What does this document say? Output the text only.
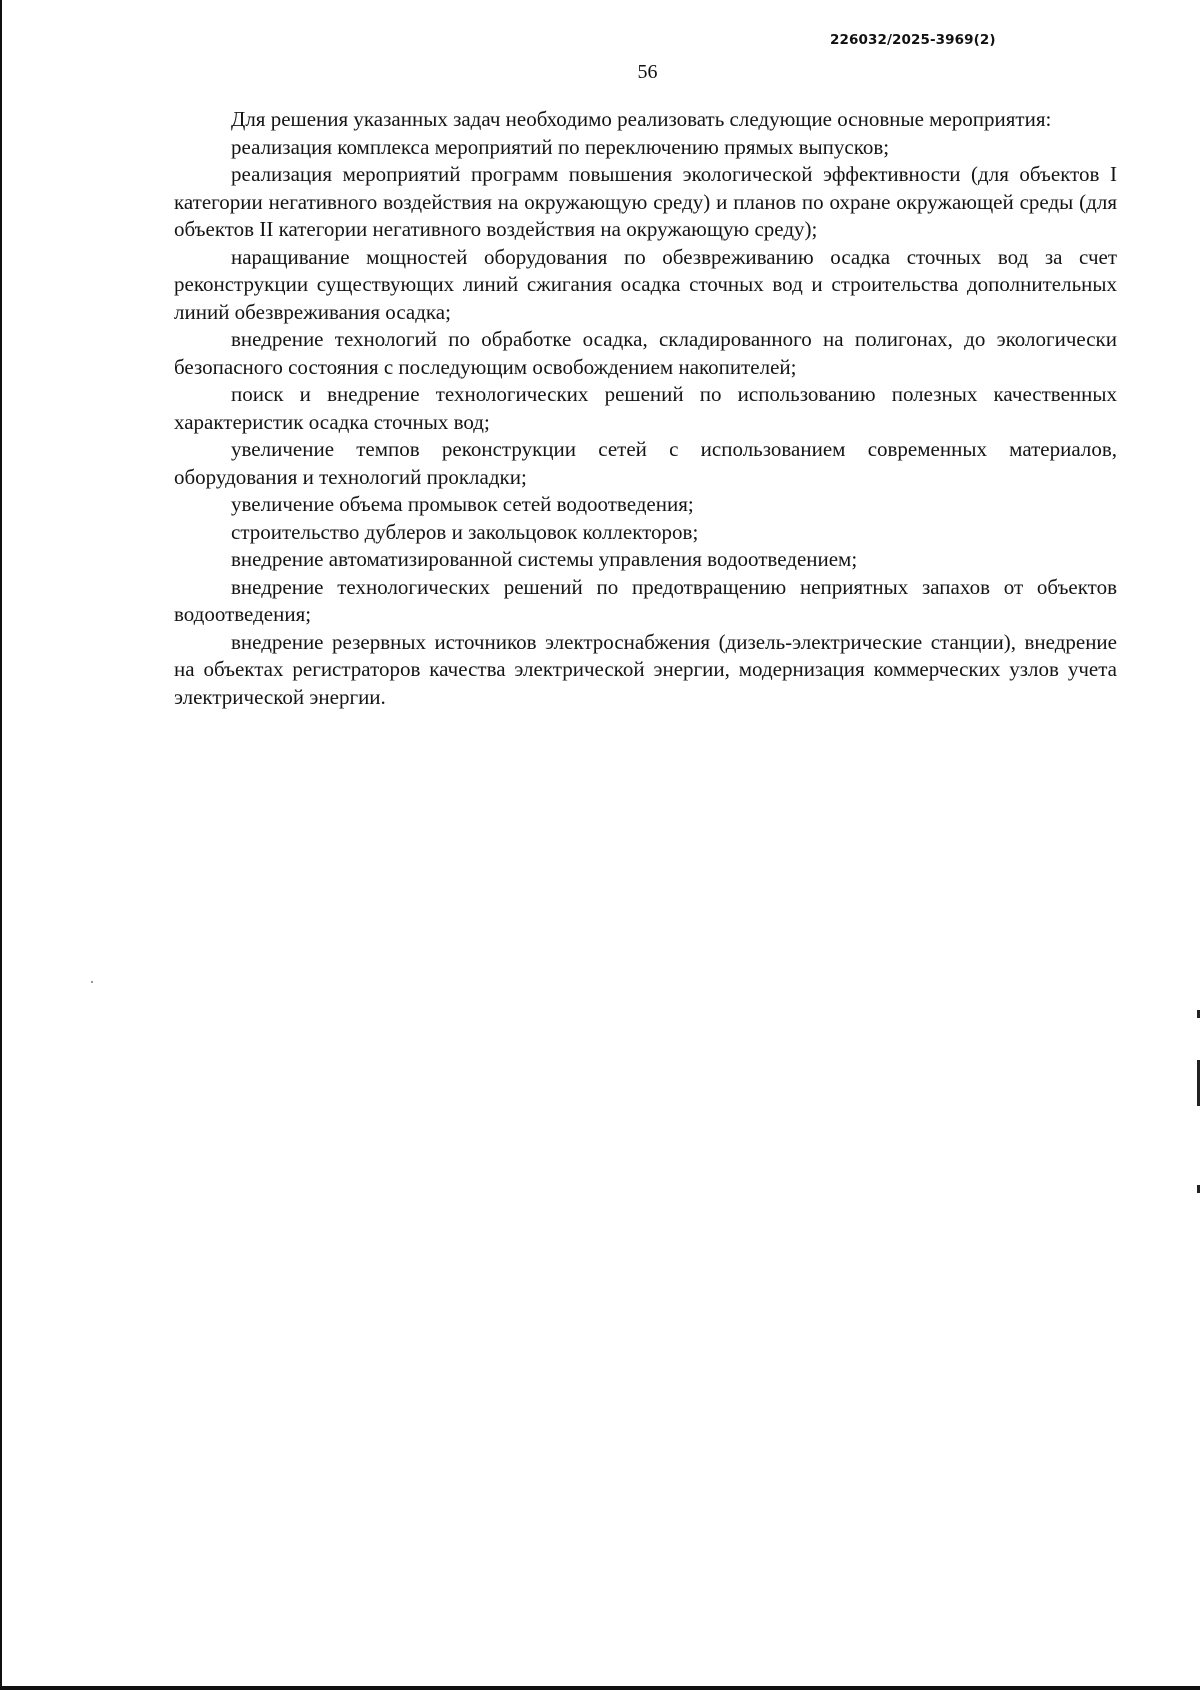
226032/2025-3969(2)
56

Для решения указанных задач необходимо реализовать следующие основные мероприятия:

реализация комплекса мероприятий по переключению прямых выпусков;

реализация мероприятий программ повышения экологической эффективности (для объектов I категории негативного воздействия на окружающую среду) и планов по охране окружающей среды (для объектов II категории негативного воздействия на окружающую среду);

наращивание мощностей оборудования по обезвреживанию осадка сточных вод за счет реконструкции существующих линий сжигания осадка сточных вод и строительства дополнительных линий обезвреживания осадка;

внедрение технологий по обработке осадка, складированного на полигонах, до экологически безопасного состояния с последующим освобождением накопителей;

поиск и внедрение технологических решений по использованию полезных качественных характеристик осадка сточных вод;

увеличение темпов реконструкции сетей с использованием современных материалов, оборудования и технологий прокладки;

увеличение объема промывок сетей водоотведения;

строительство дублеров и закольцовок коллекторов;

внедрение автоматизированной системы управления водоотведением;

внедрение технологических решений по предотвращению неприятных запахов от объектов водоотведения;

внедрение резервных источников электроснабжения (дизель-электрические станции), внедрение на объектах регистраторов качества электрической энергии, модернизация коммерческих узлов учета электрической энергии.
